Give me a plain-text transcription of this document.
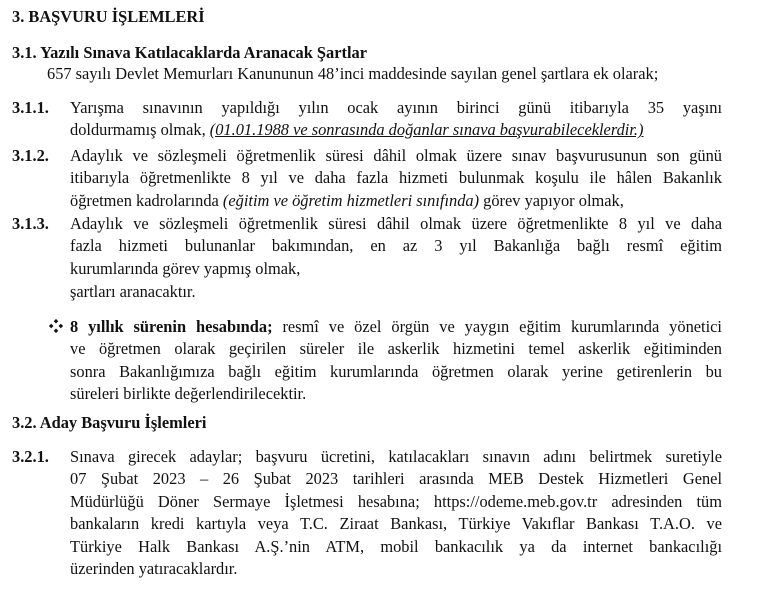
3. BAŞVURU İŞLEMLERİ
3.1. Yazılı Sınava Katılacaklarda Aranacak Şartlar
657 sayılı Devlet Memurları Kanununun 48’inci maddesinde sayılan genel şartlara ek olarak;
3.1.1. Yarışma sınavının yapıldığı yılın ocak ayının birinci günü itibarıyla 35 yaşını
doldurmamış olmak, (01.01.1988 ve sonrasında doğanlar sınava başvurabileceklerdir.)
3.1.2. Adaylık ve sözleşmeli öğretmenlik süresi dâhil olmak üzere sınav başvurusunun son günü
itibarıyla öğretmenlikte 8 yıl ve daha fazla hizmeti bulunmak koşulu ile hâlen Bakanlık
öğretmen kadrolarında (eğitim ve öğretim hizmetleri sınıfında) görev yapıyor olmak,
3.1.3. Adaylık ve sözleşmeli öğretmenlik süresi dâhil olmak üzere öğretmenlikte 8 yıl ve daha
fazla hizmeti bulunanlar bakımından, en az 3 yıl Bakanlığa bağlı resmî eğitim
kurumlarında görev yapmış olmak,
şartları aranacaktır.
8 yıllık sürenin hesabında; resmî ve özel örgün ve yaygın eğitim kurumlarında yönetici
ve öğretmen olarak geçirilen süreler ile askerlik hizmetini temel askerlik eğitiminden
sonra Bakanlığımıza bağlı eğitim kurumlarında öğretmen olarak yerine getirenlerin bu
süreleri birlikte değerlendirilecektir.
3.2. Aday Başvuru İşlemleri
3.2.1. Sınava girecek adaylar; başvuru ücretini, katılacakları sınavın adını belirtmek suretiyle
07 Şubat 2023 – 26 Şubat 2023 tarihleri arasında MEB Destek Hizmetleri Genel
Müdürlüğü Döner Sermaye İşletmesi hesabına; https://odeme.meb.gov.tr adresinden tüm
bankaların kredi kartıyla veya T.C. Ziraat Bankası, Türkiye Vakıflar Bankası T.A.O. ve
Türkiye Halk Bankası A.Ş.’nin ATM, mobil bankacılık ya da internet bankacılığı
üzerinden yatıracaklardır.
